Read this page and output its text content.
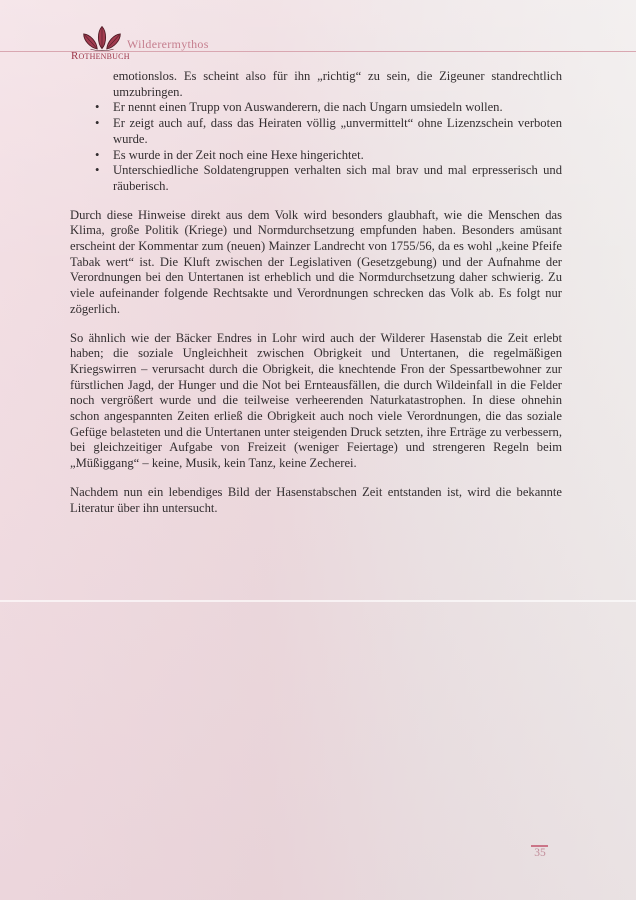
Rothenbuch
Wilderermythos
emotionslos. Es scheint also für ihn „richtig“ zu sein, die Zigeuner standrechtlich umzubringen.
• Er nennt einen Trupp von Auswanderern, die nach Ungarn umsiedeln wollen.
• Er zeigt auch auf, dass das Heiraten völlig „unvermittelt“ ohne Lizenzschein verboten wurde.
• Es wurde in der Zeit noch eine Hexe hingerichtet.
• Unterschiedliche Soldatengruppen verhalten sich mal brav und mal erpresserisch und räuberisch.

Durch diese Hinweise direkt aus dem Volk wird besonders glaubhaft, wie die Menschen das Klima, große Politik (Kriege) und Normdurchsetzung empfunden haben. Besonders amüsant erscheint der Kommentar zum (neuen) Mainzer Landrecht von 1755/56, da es wohl „keine Pfeife Tabak wert“ ist. Die Kluft zwischen der Legislativen (Gesetzgebung) und der Aufnahme der Verordnungen bei den Untertanen ist erheblich und die Normdurchsetzung daher schwierig. Zu viele aufeinander folgende Rechtsakte und Verordnungen schrecken das Volk ab. Es folgt nur zögerlich.

So ähnlich wie der Bäcker Endres in Lohr wird auch der Wilderer Hasenstab die Zeit erlebt haben; die soziale Ungleichheit zwischen Obrigkeit und Untertanen, die regelmäßigen Kriegswirren – verursacht durch die Obrigkeit, die knechtende Fron der Spessartbewohner zur fürstlichen Jagd, der Hunger und die Not bei Ernteausfällen, die durch Wildeinfall in die Felder noch vergrößert wurde und die teilweise verheerenden Naturkatastrophen. In diese ohnehin schon angespannten Zeiten erließ die Obrigkeit auch noch viele Verordnungen, die das soziale Gefüge belasteten und die Untertanen unter steigenden Druck setzten, ihre Erträge zu verbessern, bei gleichzeitiger Aufgabe von Freizeit (weniger Feiertage) und strengeren Regeln beim „Müßiggang“ – keine, Musik, kein Tanz, keine Zecherei.

Nachdem nun ein lebendiges Bild der Hasenstabschen Zeit entstanden ist, wird die bekannte Literatur über ihn untersucht.

35
